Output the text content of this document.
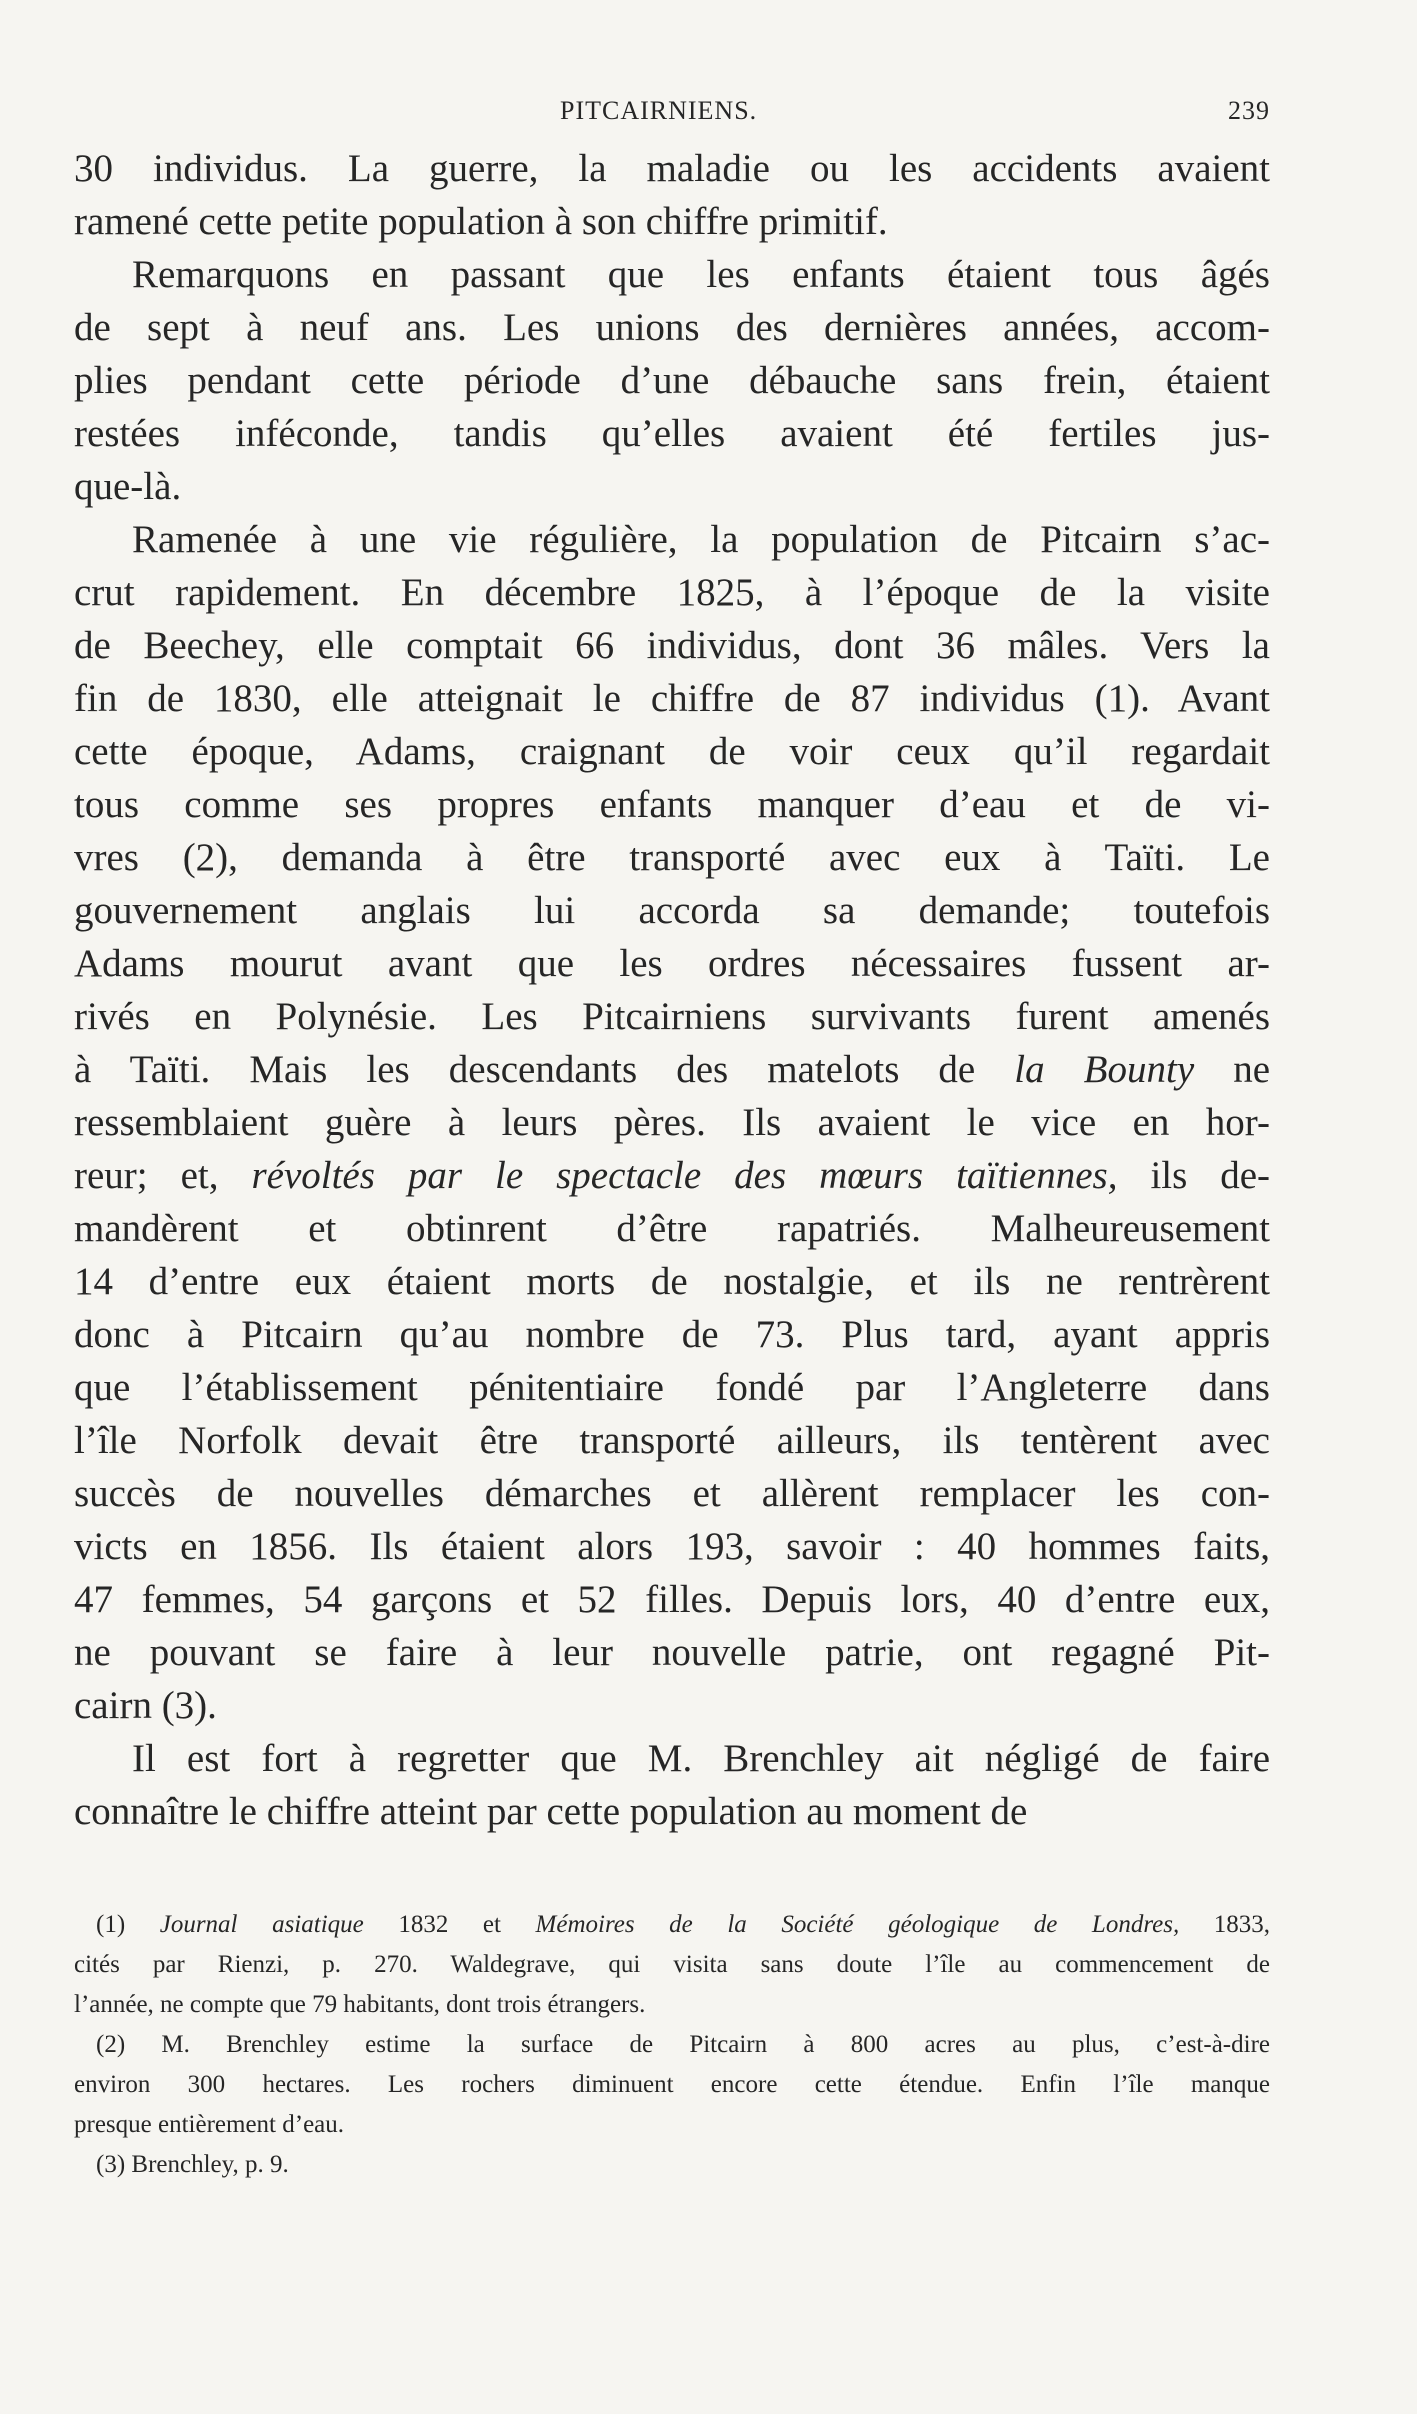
PITCAIRNIENS.	239
30 individus. La guerre, la maladie ou les accidents avaient
ramené cette petite population à son chiffre primitif.
Remarquons en passant que les enfants étaient tous âgés
de sept à neuf ans. Les unions des dernières années, accom-
plies pendant cette période d’une débauche sans frein, étaient
restées inféconde, tandis qu’elles avaient été fertiles jus-
que-là.
Ramenée à une vie régulière, la population de Pitcairn s’ac-
crut rapidement. En décembre 1825, à l’époque de la visite
de Beechey, elle comptait 66 individus, dont 36 mâles. Vers la
fin de 1830, elle atteignait le chiffre de 87 individus (1). Avant
cette époque, Adams, craignant de voir ceux qu’il regardait
tous comme ses propres enfants manquer d’eau et de vi-
vres (2), demanda à être transporté avec eux à Taïti. Le
gouvernement anglais lui accorda sa demande; toutefois
Adams mourut avant que les ordres nécessaires fussent ar-
rivés en Polynésie. Les Pitcairniens survivants furent amenés
à Taïti. Mais les descendants des matelots de la Bounty ne
ressemblaient guère à leurs pères. Ils avaient le vice en hor-
reur; et, révoltés par le spectacle des mœurs taïtiennes, ils de-
mandèrent et obtinrent d’être rapatriés. Malheureusement
14 d’entre eux étaient morts de nostalgie, et ils ne rentrèrent
donc à Pitcairn qu’au nombre de 73. Plus tard, ayant appris
que l’établissement pénitentiaire fondé par l’Angleterre dans
l’île Norfolk devait être transporté ailleurs, ils tentèrent avec
succès de nouvelles démarches et allèrent remplacer les con-
victs en 1856. Ils étaient alors 193, savoir : 40 hommes faits,
47 femmes, 54 garçons et 52 filles. Depuis lors, 40 d’entre eux,
ne pouvant se faire à leur nouvelle patrie, ont regagné Pit-
cairn (3).
Il est fort à regretter que M. Brenchley ait négligé de faire
connaître le chiffre atteint par cette population au moment de
(1) Journal asiatique 1832 et Mémoires de la Société géologique de Londres, 1833,
cités par Rienzi, p. 270. Waldegrave, qui visita sans doute l’île au commencement de
l’année, ne compte que 79 habitants, dont trois étrangers.
(2) M. Brenchley estime la surface de Pitcairn à 800 acres au plus, c’est-à-dire
environ 300 hectares. Les rochers diminuent encore cette étendue. Enfin l’île manque
presque entièrement d’eau.
(3) Brenchley, p. 9.
